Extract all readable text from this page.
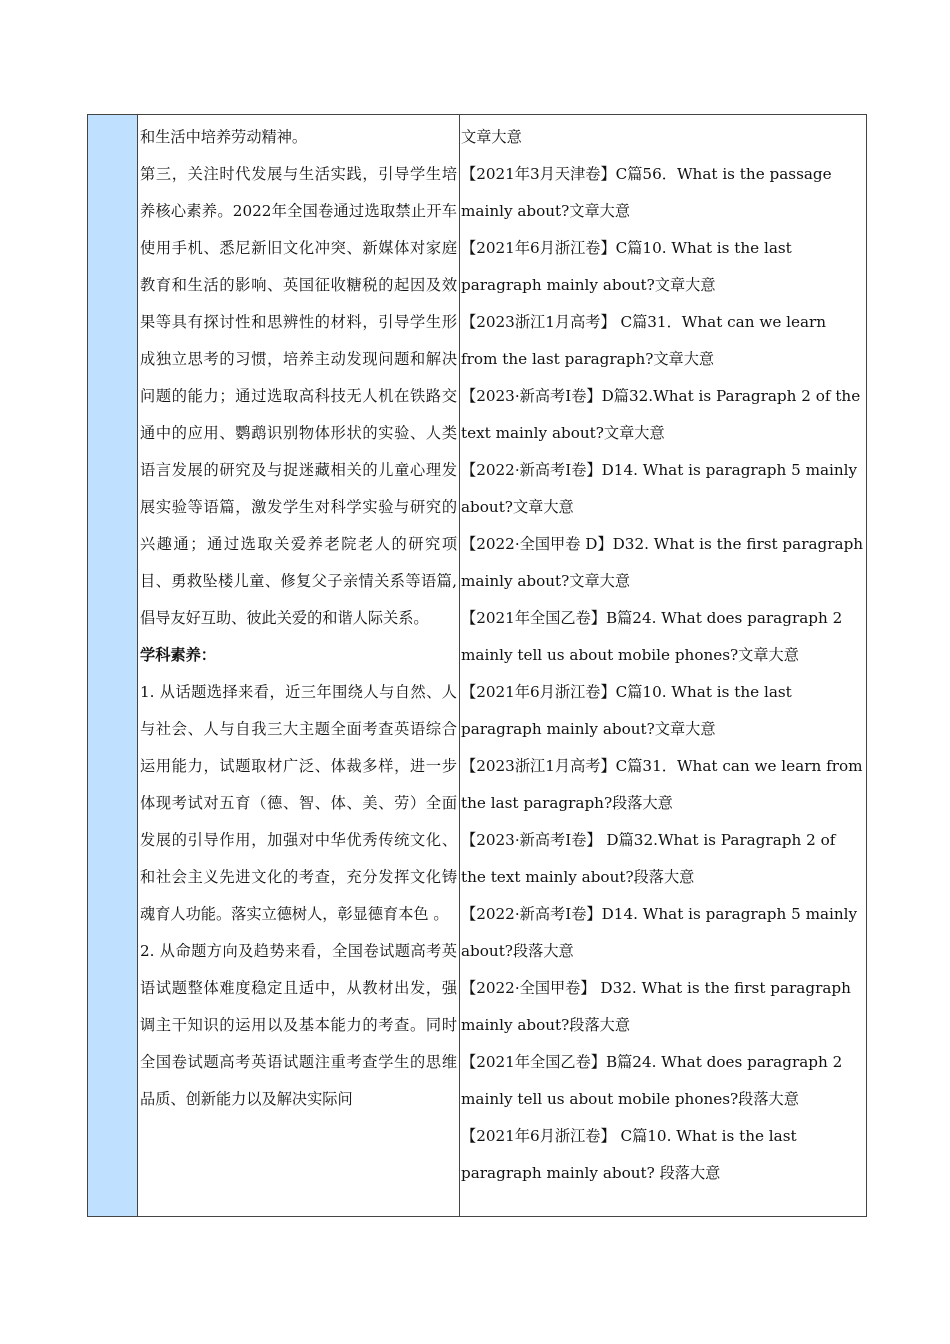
和生活中培养劳动精神。

第三，关注时代发展与生活实践，引导学生培养核心素养。2022年全国卷通过选取禁止开车使用手机、悉尼新旧文化冲突、新媒体对家庭教育和生活的影响、英国征收糖税的起因及效果等具有探讨性和思辨性的材料，引导学生形成独立思考的习惯，培养主动发现问题和解决问题的能力；通过选取高科技无人机在铁路交通中的应用、鹦鹉识别物体形状的实验、人类语言发展的研究及与捉迷藏相关的儿童心理发展实验等语篇，激发学生对科学实验与研究的兴趣通；通过选取关爱养老院老人的研究项目、勇救坠楼儿童、修复父子亲情关系等语篇,倡导友好互助、彼此关爱的和谐人际关系。

学科素养：

1. 从话题选择来看，近三年围绕人与自然、人与社会、人与自我三大主题全面考查英语综合运用能力，试题取材广泛、体裁多样，进一步体现考试对五育（德、智、体、美、劳）全面发展的引导作用，加强对中华优秀传统文化、和社会主义先进文化的考查，充分发挥文化铸魂育人功能。落实立德树人，彰显德育本色 。

2. 从命题方向及趋势来看，全国卷试题高考英语试题整体难度稳定且适中，从教材出发，强调主干知识的运用以及基本能力的考查。同时全国卷试题高考英语试题注重考查学生的思维品质、创新能力以及解决实际问

文章大意

【2021年3月天津卷】C篇56．What is the passage mainly about?文章大意

【2021年6月浙江卷】C篇10. What is the last paragraph mainly about?文章大意

【2023浙江1月高考】 C篇31．What can we learn from the last paragraph?文章大意

【2023·新高考I卷】D篇32.What is Paragraph 2 of the text mainly about?文章大意

【2022·新高考I卷】D14. What is paragraph 5 mainly about?文章大意

【2022·全国甲卷 D】D32. What is the first paragraph mainly about?文章大意

【2021年全国乙卷】B篇24. What does paragraph 2 mainly tell us about mobile phones?文章大意

【2021年6月浙江卷】C篇10. What is the last paragraph mainly about?文章大意

【2023浙江1月高考】C篇31．What can we learn from the last paragraph?段落大意

【2023·新高考I卷】 D篇32.What is Paragraph 2 of the text mainly about?段落大意

【2022·新高考I卷】D14. What is paragraph 5 mainly about?段落大意

【2022·全国甲卷】 D32. What is the first paragraph mainly about?段落大意

【2021年全国乙卷】B篇24. What does paragraph 2 mainly tell us about mobile phones?段落大意

【2021年6月浙江卷】 C篇10. What is the last paragraph mainly about? 段落大意
